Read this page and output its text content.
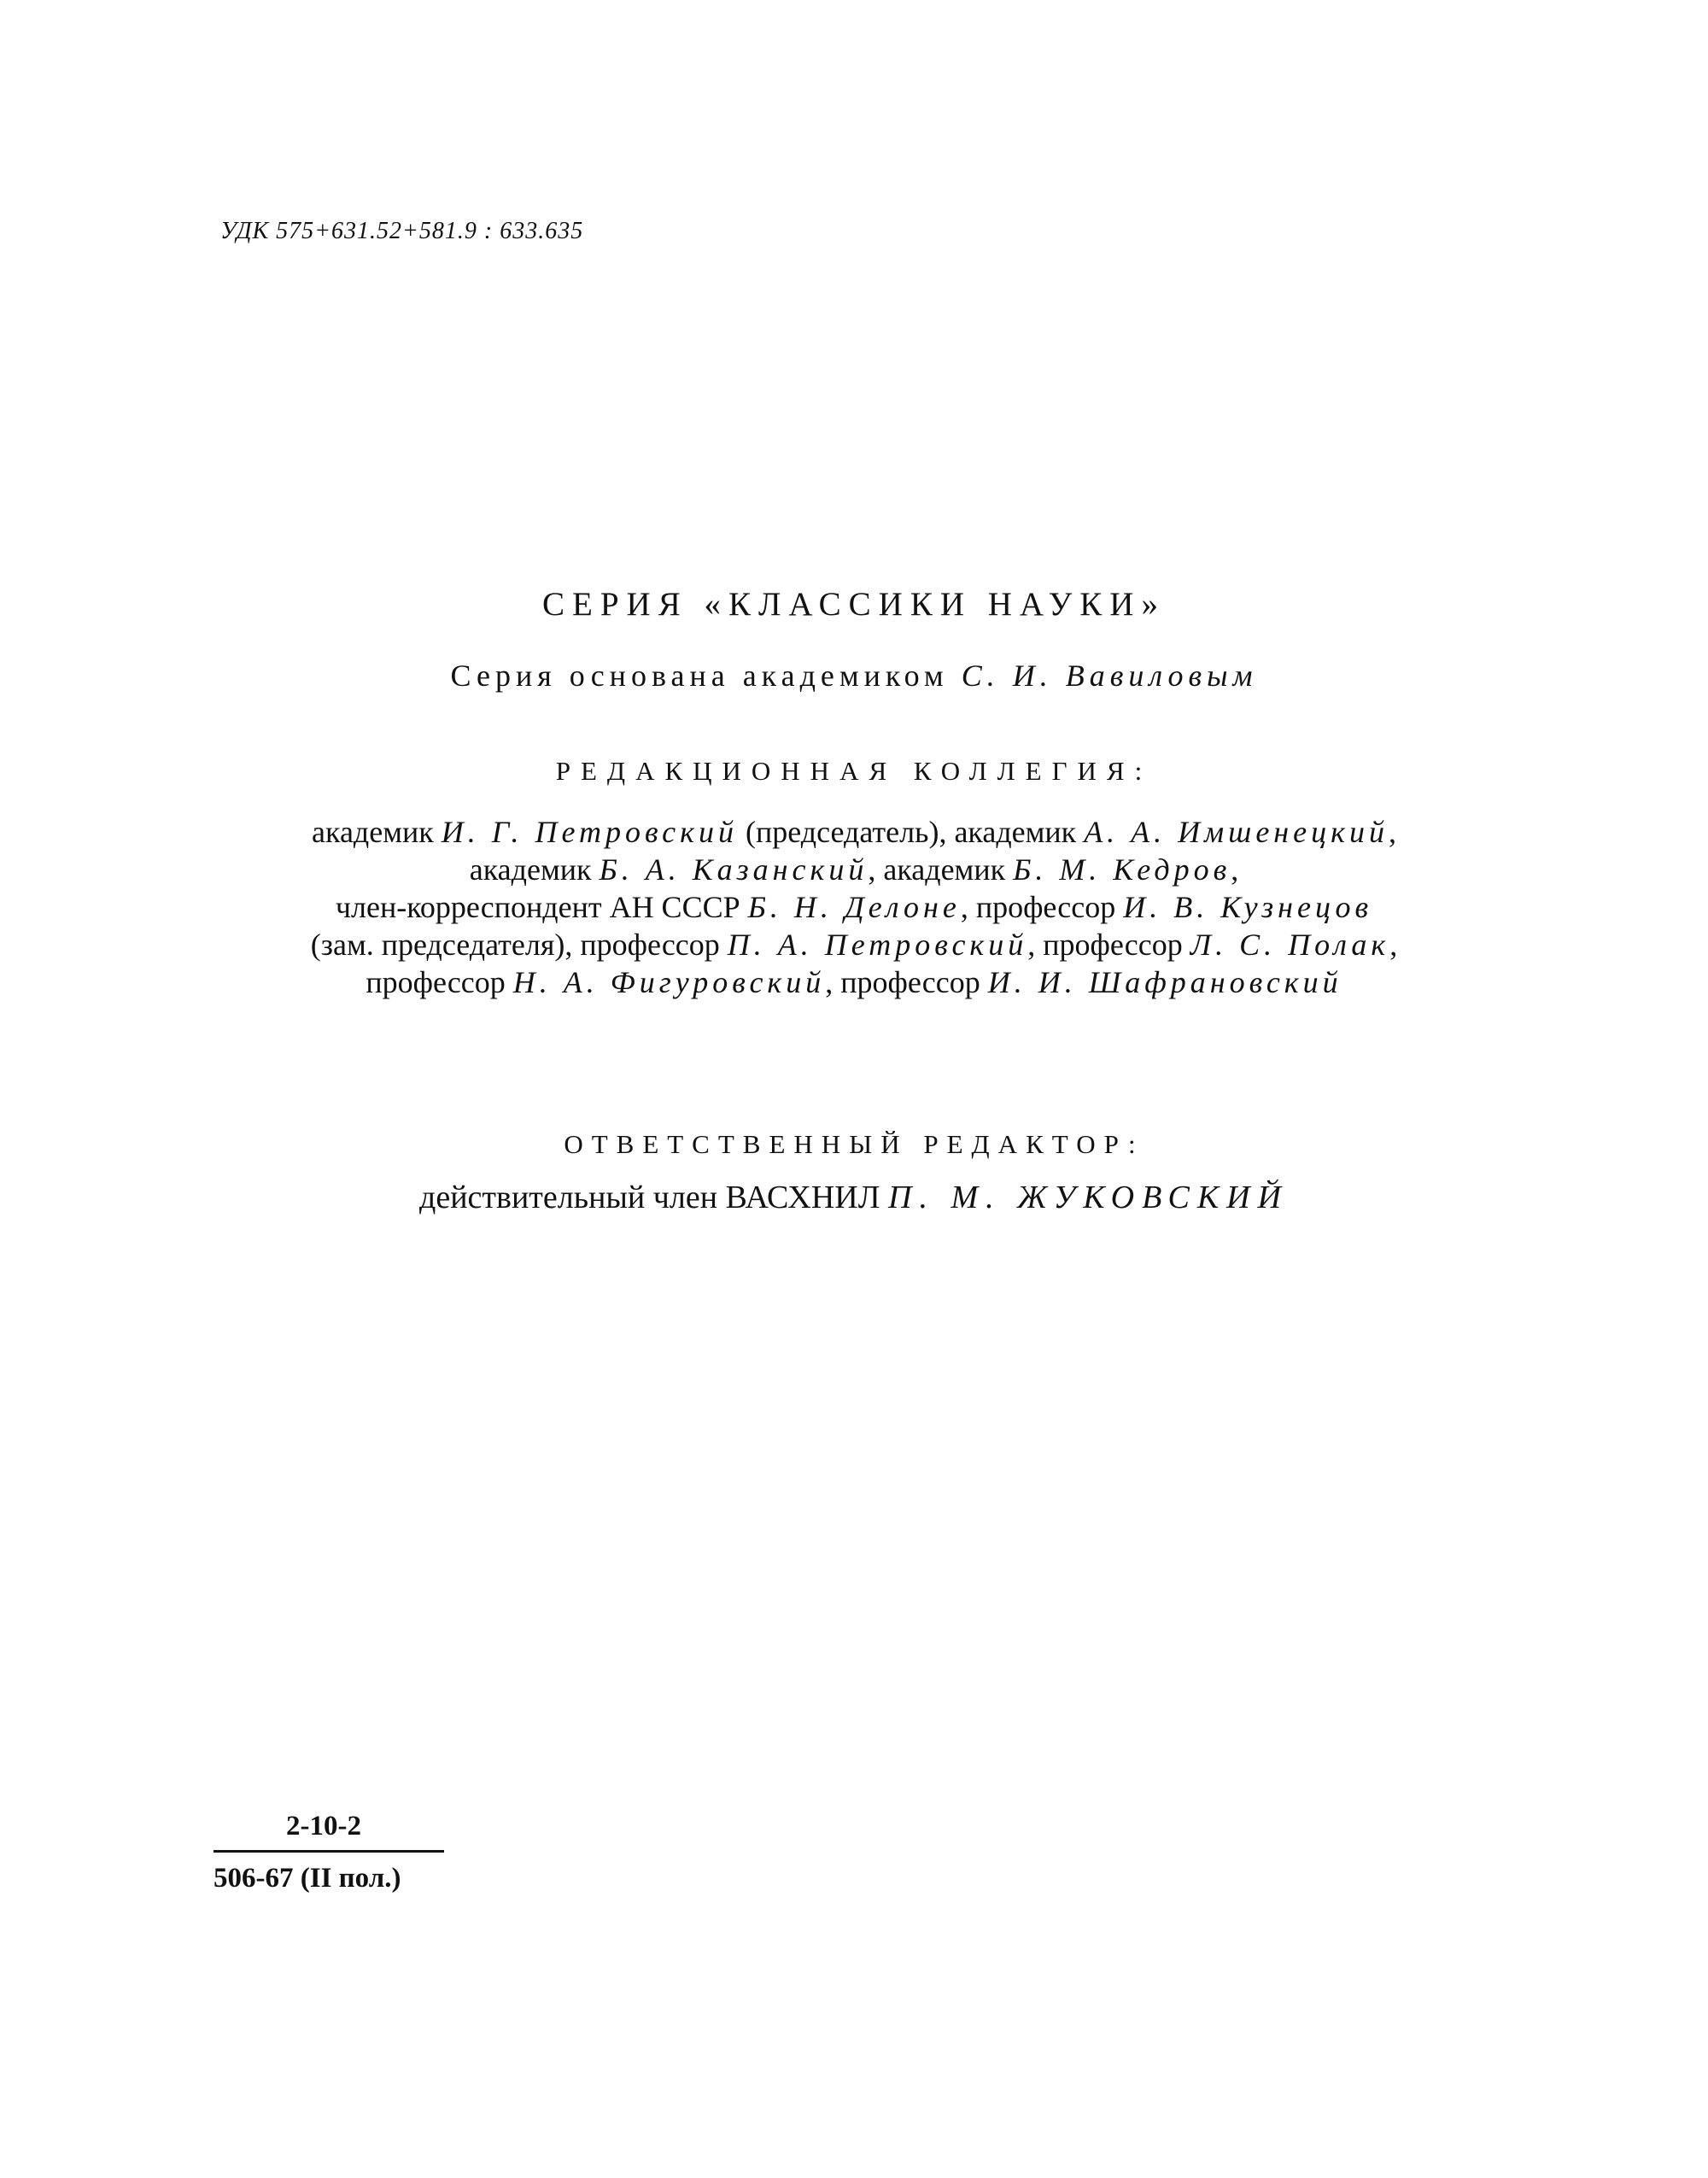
УДК 575+631.52+581.9 : 633.635
СЕРИЯ «КЛАССИКИ НАУКИ»
Серия основана академиком С. И. Вавиловым
РЕДАКЦИОННАЯ КОЛЛЕГИЯ:
академик И. Г. Петровский (председатель), академик А. А. Имшенецкий,
академик Б. А. Казанский, академик Б. М. Кедров,
член-корреспондент АН СССР Б. Н. Делоне, профессор И. В. Кузнецов
(зам. председателя), профессор П. А. Петровский, профессор Л. С. Полак,
профессор Н. А. Фигуровский, профессор И. И. Шафрановский
ОТВЕТСТВЕННЫЙ РЕДАКТОР:
действительный член ВАСХНИЛ П. М. ЖУКОВСКИЙ
2-10-2
506-67 (II пол.)
